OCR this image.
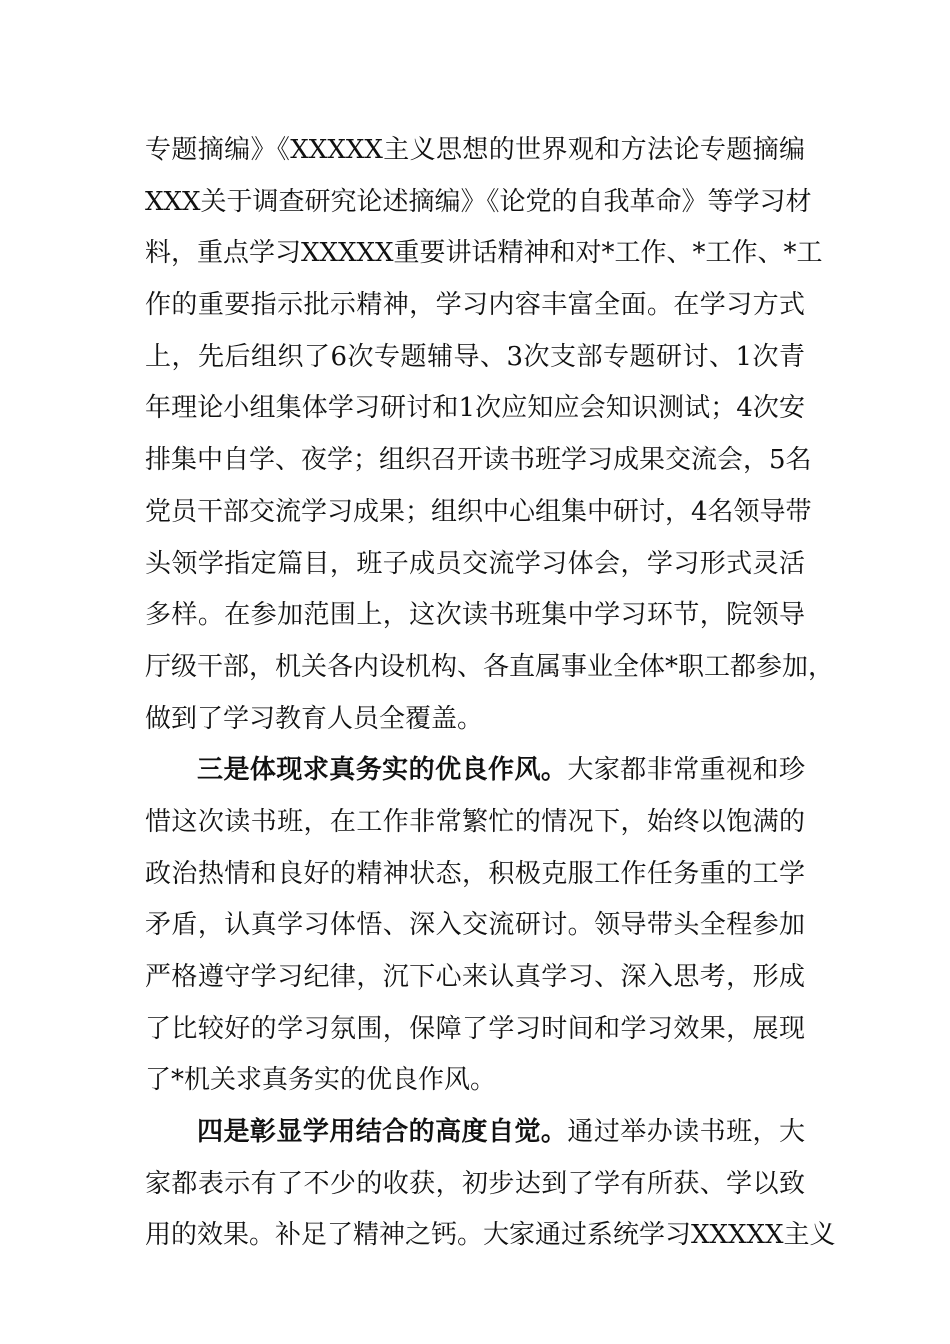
专题摘编》《XXXXX主义思想的世界观和方法论专题摘编
XXX关于调查研究论述摘编》《论党的自我革命》等学习材
料，重点学习XXXXX重要讲话精神和对*工作、*工作、*工
作的重要指示批示精神，学习内容丰富全面。在学习方式
上，先后组织了6次专题辅导、3次支部专题研讨、1次青
年理论小组集体学习研讨和1次应知应会知识测试；4次安
排集中自学、夜学；组织召开读书班学习成果交流会，5名
党员干部交流学习成果；组织中心组集中研讨，4名领导带
头领学指定篇目，班子成员交流学习体会，学习形式灵活
多样。在参加范围上，这次读书班集中学习环节，院领导
厅级干部，机关各内设机构、各直属事业全体*职工都参加，
做到了学习教育人员全覆盖。
三是体现求真务实的优良作风。大家都非常重视和珍
惜这次读书班，在工作非常繁忙的情况下，始终以饱满的
政治热情和良好的精神状态，积极克服工作任务重的工学
矛盾，认真学习体悟、深入交流研讨。领导带头全程参加
严格遵守学习纪律，沉下心来认真学习、深入思考，形成
了比较好的学习氛围，保障了学习时间和学习效果，展现
了*机关求真务实的优良作风。
四是彰显学用结合的高度自觉。通过举办读书班，大
家都表示有了不少的收获，初步达到了学有所获、学以致
用的效果。补足了精神之钙。大家通过系统学习XXXXX主义
